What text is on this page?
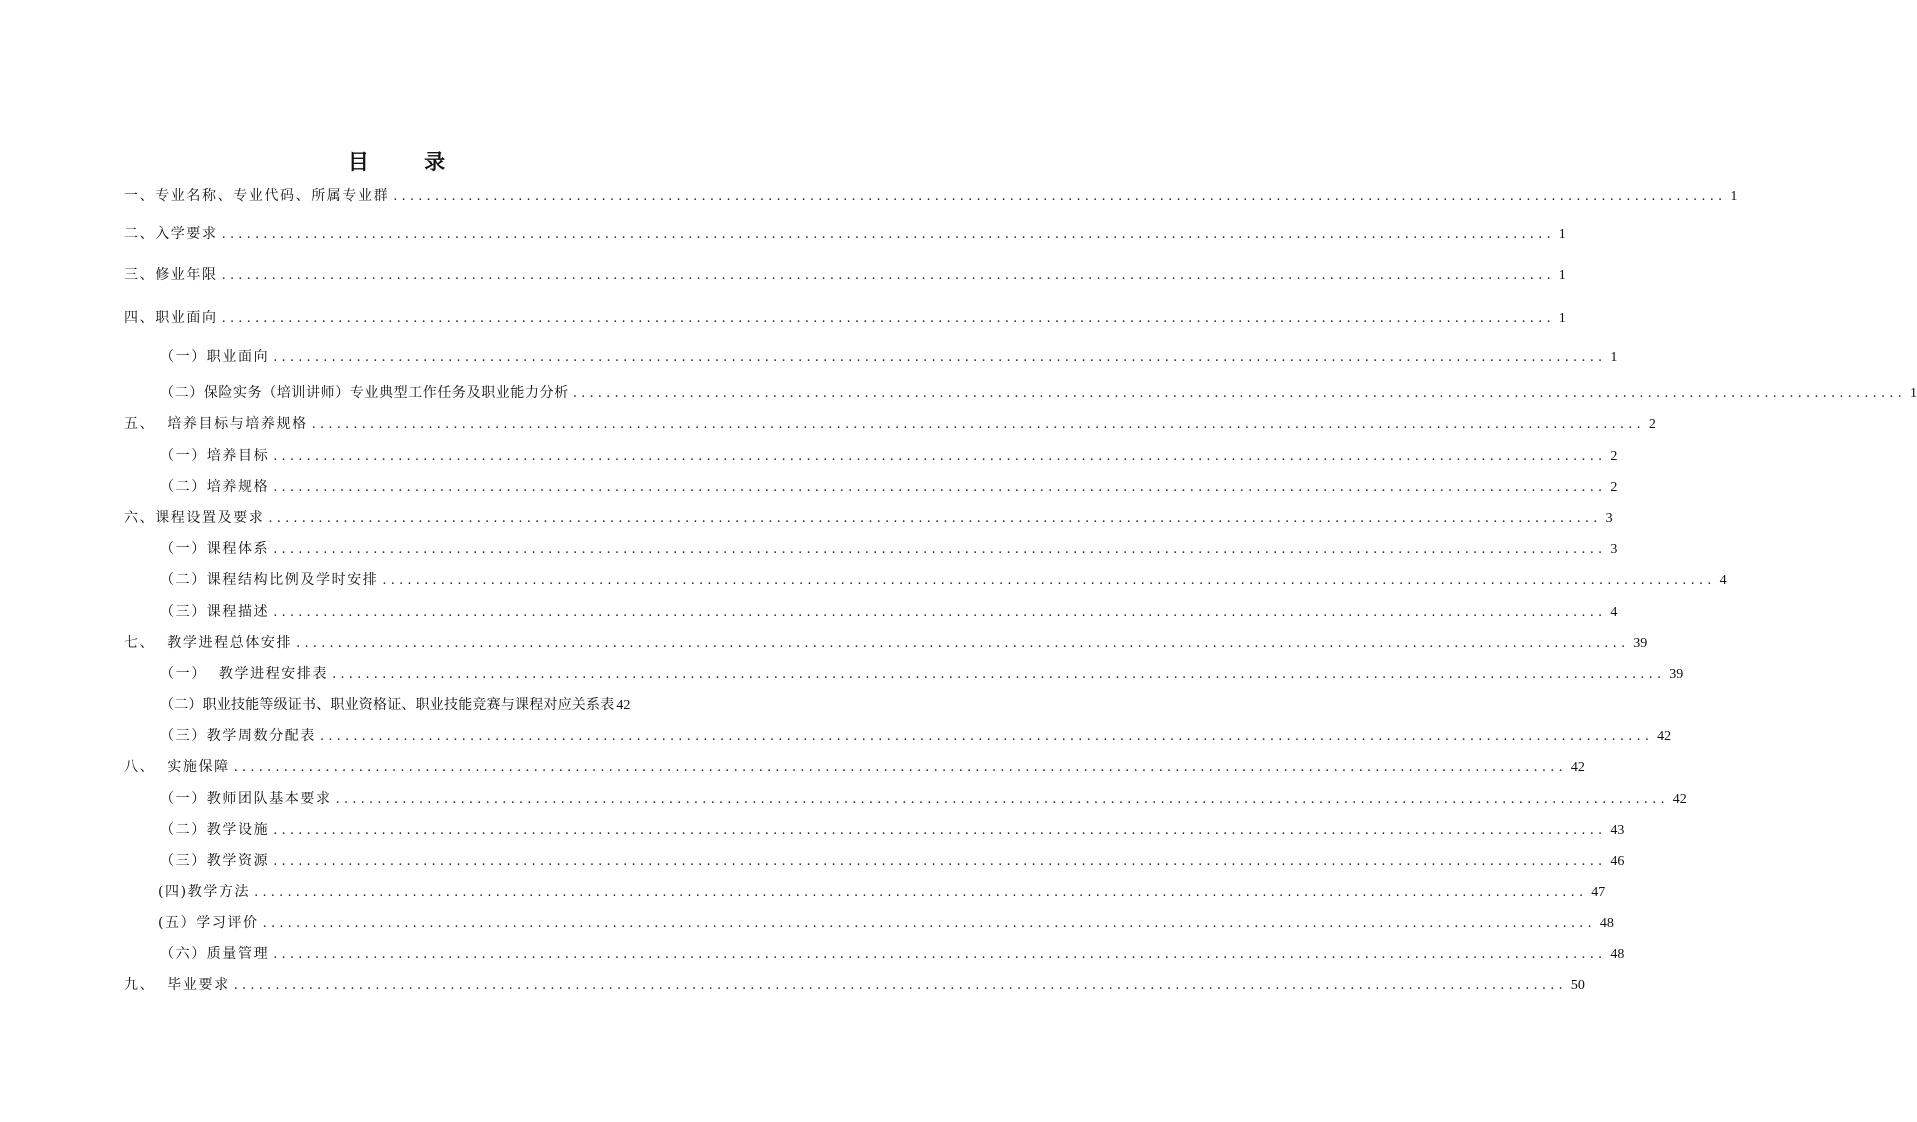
目 录
一、专业名称、专业代码、所属专业群 ................................................................................................................................................................ 1
二、入学要求 ................................................................................................................................................................ 1
三、修业年限 ................................................................................................................................................................ 1
四、职业面向 ................................................................................................................................................................ 1
（一）职业面向 ................................................................................................................................................................ 1
（二）保险实务（培训讲师）专业典型工作任务及职业能力分析 ................................................................................................................................................................ 1
五、  培养目标与培养规格 ................................................................................................................................................................ 2
（一）培养目标 ................................................................................................................................................................ 2
（二）培养规格 ................................................................................................................................................................ 2
六、课程设置及要求 ................................................................................................................................................................ 3
（一）课程体系 ................................................................................................................................................................ 3
（二）课程结构比例及学时安排 ................................................................................................................................................................ 4
（三）课程描述 ................................................................................................................................................................ 4
七、  教学进程总体安排 ................................................................................................................................................................ 39
（一）  教学进程安排表 ................................................................................................................................................................ 39
（二）职业技能等级证书、职业资格证、职业技能竞赛与课程对应关系表 42
（三）教学周数分配表 ................................................................................................................................................................ 42
八、  实施保障 ................................................................................................................................................................ 42
（一）教师团队基本要求 ................................................................................................................................................................ 42
（二）教学设施 ................................................................................................................................................................ 43
（三）教学资源 ................................................................................................................................................................ 46
(四)教学方法 ................................................................................................................................................................ 47
(五）学习评价 ................................................................................................................................................................ 48
（六）质量管理 ................................................................................................................................................................ 48
九、  毕业要求 ................................................................................................................................................................ 50
